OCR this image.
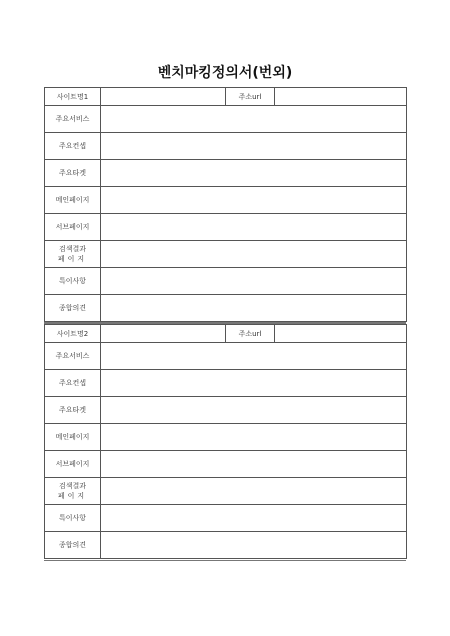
벤치마킹정의서(번외)
사이트명1		주소url	
주요서비스			
주요컨셉			
주요타겟			
메인페이지			
서브페이지			
검색결과
페이지			

특이사항			
종합의견			
사이트명2		주소url	
주요서비스			
주요컨셉			
주요타겟			
메인페이지			
서브페이지			
검색결과
페이지			

특이사항			
종합의견			
